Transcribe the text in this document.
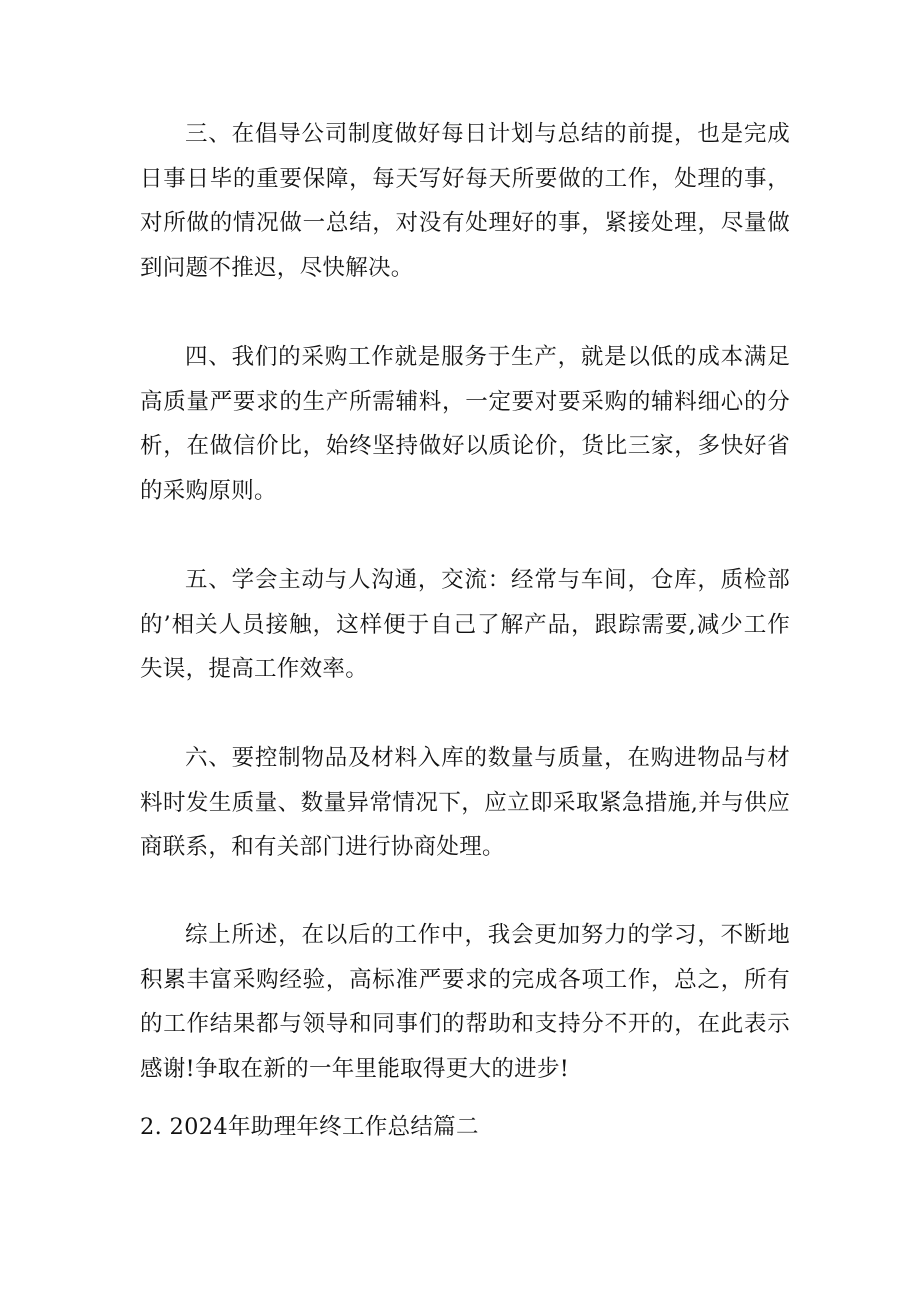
三、在倡导公司制度做好每日计划与总结的前提，也是完成日事日毕的重要保障，每天写好每天所要做的工作，处理的事，对所做的情况做一总结，对没有处理好的事，紧接处理，尽量做到问题不推迟，尽快解决。

四、我们的采购工作就是服务于生产，就是以低的成本满足高质量严要求的生产所需辅料，一定要对要采购的辅料细心的分析，在做信价比，始终坚持做好以质论价，货比三家，多快好省的采购原则。

五、学会主动与人沟通，交流：经常与车间，仓库，质检部的’相关人员接触，这样便于自己了解产品，跟踪需要,减少工作失误，提高工作效率。

六、要控制物品及材料入库的数量与质量，在购进物品与材料时发生质量、数量异常情况下，应立即采取紧急措施,并与供应商联系，和有关部门进行协商处理。

综上所述，在以后的工作中，我会更加努力的学习，不断地积累丰富采购经验，高标准严要求的完成各项工作，总之，所有的工作结果都与领导和同事们的帮助和支持分不开的，在此表示感谢!争取在新的一年里能取得更大的进步!

2. 2024年助理年终工作总结篇二
